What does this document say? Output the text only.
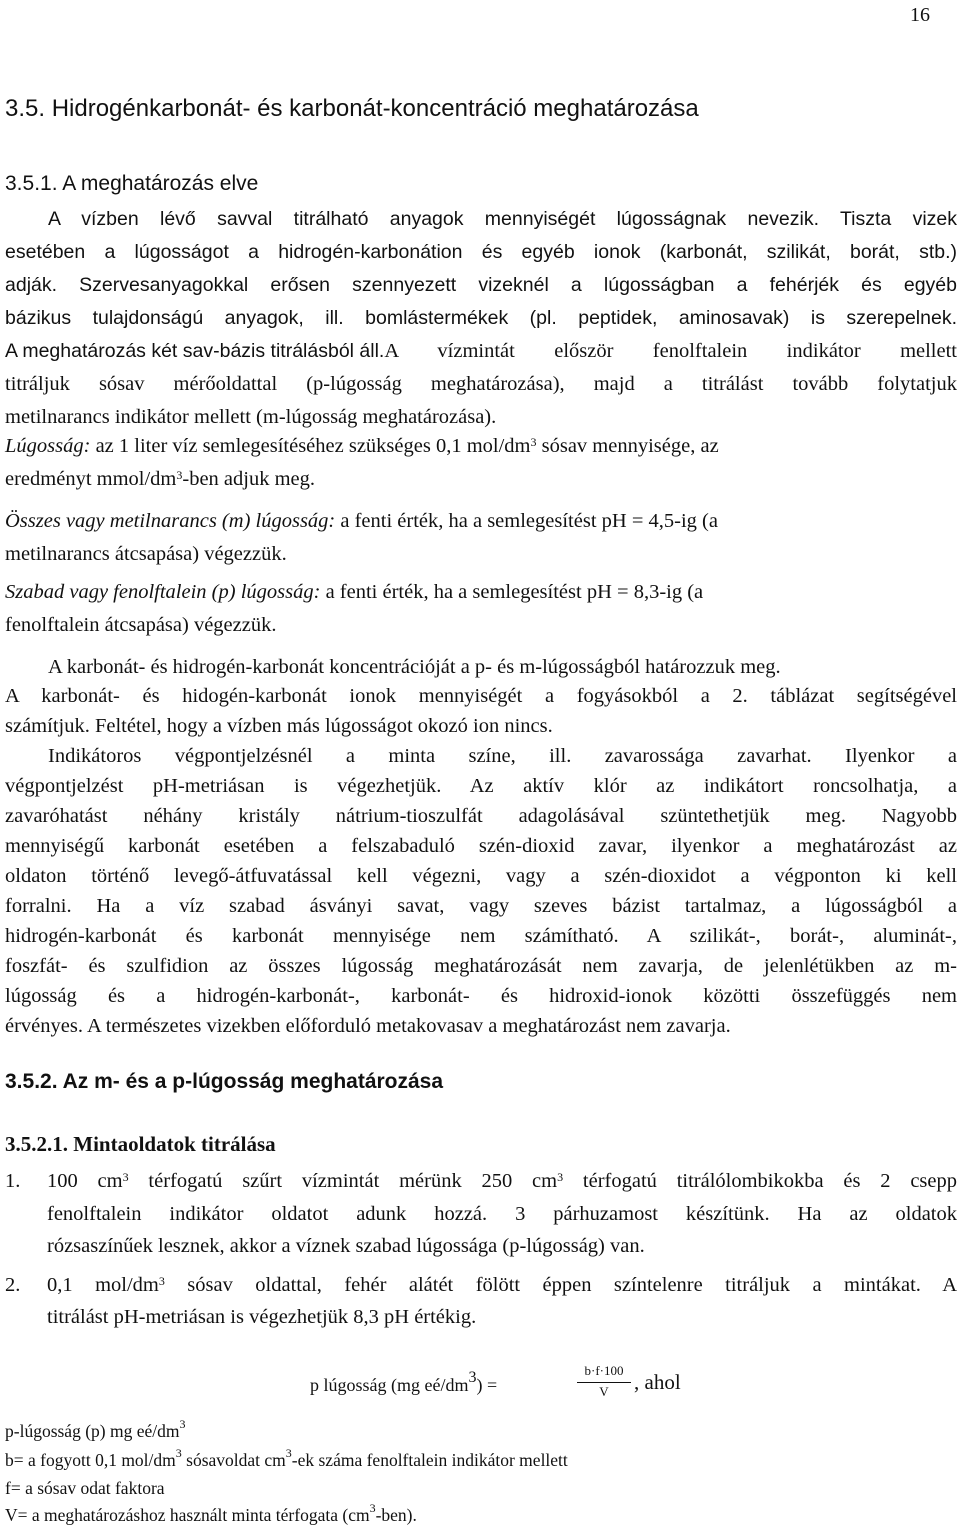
16
3.5. Hidrogénkarbonát- és karbonát-koncentráció meghatározása
3.5.1. A meghatározás elve
A vízben lévő savval titrálható anyagok mennyiségét lúgosságnak nevezik. Tiszta vizek
esetében a lúgosságot a hidrogén-karbonátion és egyéb ionok (karbonát, szilikát, borát, stb.)
adják. Szervesanyagokkal erősen szennyezett vizeknél a lúgosságban a fehérjék és egyéb
bázikus tulajdonságú anyagok, ill. bomlástermékek (pl. peptidek, aminosavak) is szerepelnek.
A meghatározás két sav-bázis titrálásból áll. A vízmintát először fenolftalein indikátor mellett
titráljuk sósav mérőoldattal (p-lúgosság meghatározása), majd a titrálást tovább folytatjuk
metilnarancs indikátor mellett (m-lúgosság meghatározása).
Lúgosság: az 1 liter víz semlegesítéséhez szükséges 0,1 mol/$dm^3$ sósav mennyisége, az
eredményt mmol/$dm^3$-ben adjuk meg.
Összes vagy metilnarancs (m) lúgosság: a fenti érték, ha a semlegesítést pH = 4,5-ig (a
metilnarancs átcsapása) végezzük.
Szabad vagy fenolftalein (p) lúgosság: a fenti érték, ha a semlegesítést pH = 8,3-ig (a
fenolftalein átcsapása) végezzük.
A karbonát- és hidrogén-karbonát koncentrációját a p- és m-lúgosságból határozzuk meg.
A karbonát- és hidogén-karbonát ionok mennyiségét a fogyásokból a 2. táblázat segítségével
számítjuk. Feltétel, hogy a vízben más lúgosságot okozó ion nincs.
Indikátoros végpontjelzésnél a minta színe, ill. zavarossága zavarhat. Ilyenkor a
végpontjelzést pH-metriásan is végezhetjük. Az aktív klór az indikátort roncsolhatja, a
zavaróhatást néhány kristály nátrium-tioszulfát adagolásával szüntethetjük meg. Nagyobb
mennyiségű karbonát esetében a felszabaduló szén-dioxid zavar, ilyenkor a meghatározást az
oldaton történő levegő-átfuvatással kell végezni, vagy a szén-dioxidot a végponton ki kell
forralni. Ha a víz szabad ásványi savat, vagy szeves bázist tartalmaz, a lúgosságból a
hidrogén-karbonát és karbonát mennyisége nem számítható. A szilikát-, borát-, aluminát-,
foszfát- és szulfidion az összes lúgosság meghatározását nem zavarja, de jelenlétükben az m-
lúgosság és a hidrogén-karbonát-, karbonát- és hidroxid-ionok közötti összefüggés nem
érvényes. A természetes vizekben előforduló metakovasav a meghatározást nem zavarja.
3.5.2. Az m- és a p-lúgosság meghatározása
3.5.2.1. Mintaoldatok titrálása
1. 100 $cm^3$ térfogatú szűrt vízmintát mérünk 250 $cm^3$ térfogatú titrálólombikokba és 2 csepp
fenolftalein indikátor oldatot adunk hozzá. 3 párhuzamost készítünk. Ha az oldatok
rózsaszínűek lesznek, akkor a víznek szabad lúgossága (p-lúgosság) van.
2. 0,1 mol/$dm^3$ sósav oldattal, fehér alátét fölött éppen színtelenre titráljuk a mintákat. A
titrálást pH-metriásan is végezhetjük 8,3 pH értékig.
p lúgosság (mg $eé/dm^3$) =
b·f·100
V	, ahol
p-lúgosság (p) mg $eé/dm^3$
b= a fogyott 0,1 mol/$dm^3$ sósavoldat $cm^3-ek$ száma fenolftalein indikátor mellett
f= a sósav odat faktora
V= a meghatározáshoz használt minta térfogata $(cm^3-ben)$.
